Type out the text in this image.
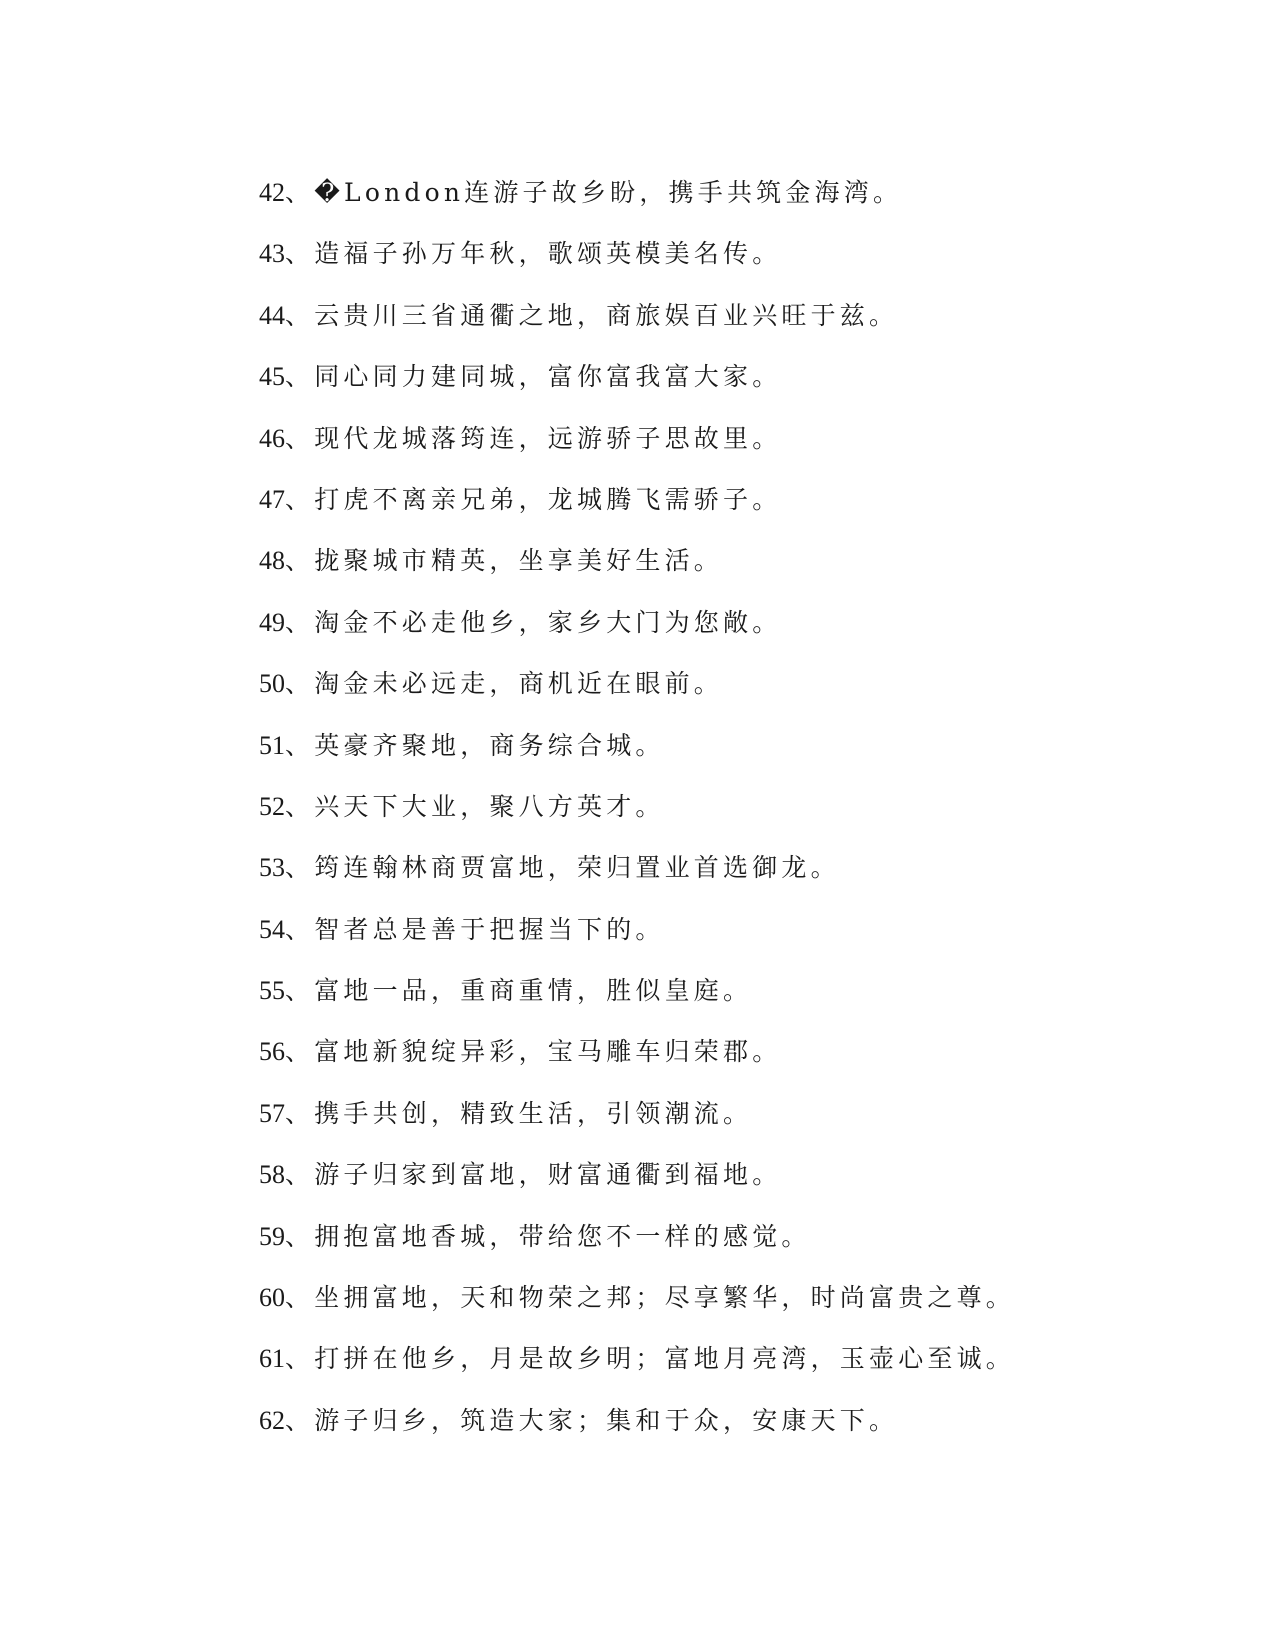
42、�London连游子故乡盼，携手共筑金海湾。
43、造福子孙万年秋，歌颂英模美名传。
44、云贵川三省通衢之地，商旅娱百业兴旺于兹。
45、同心同力建同城，富你富我富大家。
46、现代龙城落筠连，远游骄子思故里。
47、打虎不离亲兄弟，龙城腾飞需骄子。
48、拢聚城市精英，坐享美好生活。
49、淘金不必走他乡，家乡大门为您敞。
50、淘金未必远走，商机近在眼前。
51、英豪齐聚地，商务综合城。
52、兴天下大业，聚八方英才。
53、筠连翰林商贾富地，荣归置业首选御龙。
54、智者总是善于把握当下的。
55、富地一品，重商重情，胜似皇庭。
56、富地新貌绽异彩，宝马雕车归荣郡。
57、携手共创，精致生活，引领潮流。
58、游子归家到富地，财富通衢到福地。
59、拥抱富地香城，带给您不一样的感觉。
60、坐拥富地，天和物荣之邦；尽享繁华，时尚富贵之尊。
61、打拼在他乡，月是故乡明；富地月亮湾，玉壶心至诚。
62、游子归乡，筑造大家；集和于众，安康天下。
